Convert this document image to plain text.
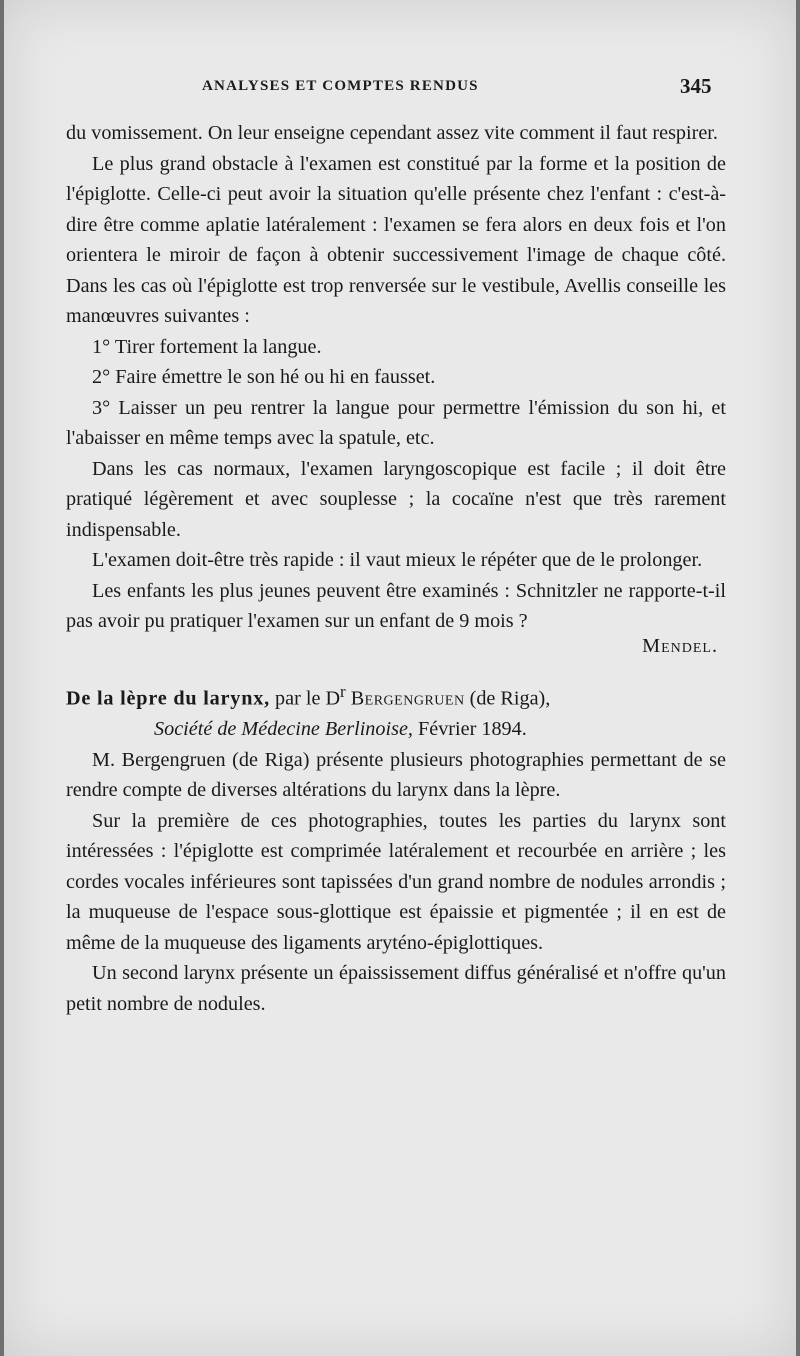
ANALYSES ET COMPTES RENDUS	345

du vomissement. On leur enseigne cependant assez vite comment il faut respirer.

Le plus grand obstacle à l'examen est constitué par la forme et la position de l'épiglotte. Celle-ci peut avoir la situation qu'elle présente chez l'enfant : c'est-à-dire être comme aplatie latéralement : l'examen se fera alors en deux fois et l'on orientera le miroir de façon à obtenir successivement l'image de chaque côté. Dans les cas où l'épiglotte est trop renversée sur le vestibule, Avellis conseille les manœuvres suivantes :

1° Tirer fortement la langue.

2° Faire émettre le son hé ou hi en fausset.

3° Laisser un peu rentrer la langue pour permettre l'émission du son hi, et l'abaisser en même temps avec la spatule, etc.

Dans les cas normaux, l'examen laryngoscopique est facile ; il doit être pratiqué légèrement et avec souplesse ; la cocaïne n'est que très rarement indispensable.

L'examen doit-être très rapide : il vaut mieux le répéter que de le prolonger.

Les enfants les plus jeunes peuvent être examinés : Schnitzler ne rapporte-t-il pas avoir pu pratiquer l'examen sur un enfant de 9 mois ?

Mendel.

De la lèpre du larynx, par le $D^r$ Bergengruen (de Riga),
Société de Médecine Berlinoise, Février 1894.

M. Bergengruen (de Riga) présente plusieurs photographies permettant de se rendre compte de diverses altérations du larynx dans la lèpre.

Sur la première de ces photographies, toutes les parties du larynx sont intéressées : l'épiglotte est comprimée latéralement et recourbée en arrière ; les cordes vocales inférieures sont tapissées d'un grand nombre de nodules arrondis ; la muqueuse de l'espace sous-glottique est épaissie et pigmentée ; il en est de même de la muqueuse des ligaments aryténo-épiglottiques.

Un second larynx présente un épaississement diffus généralisé et n'offre qu'un petit nombre de nodules.
